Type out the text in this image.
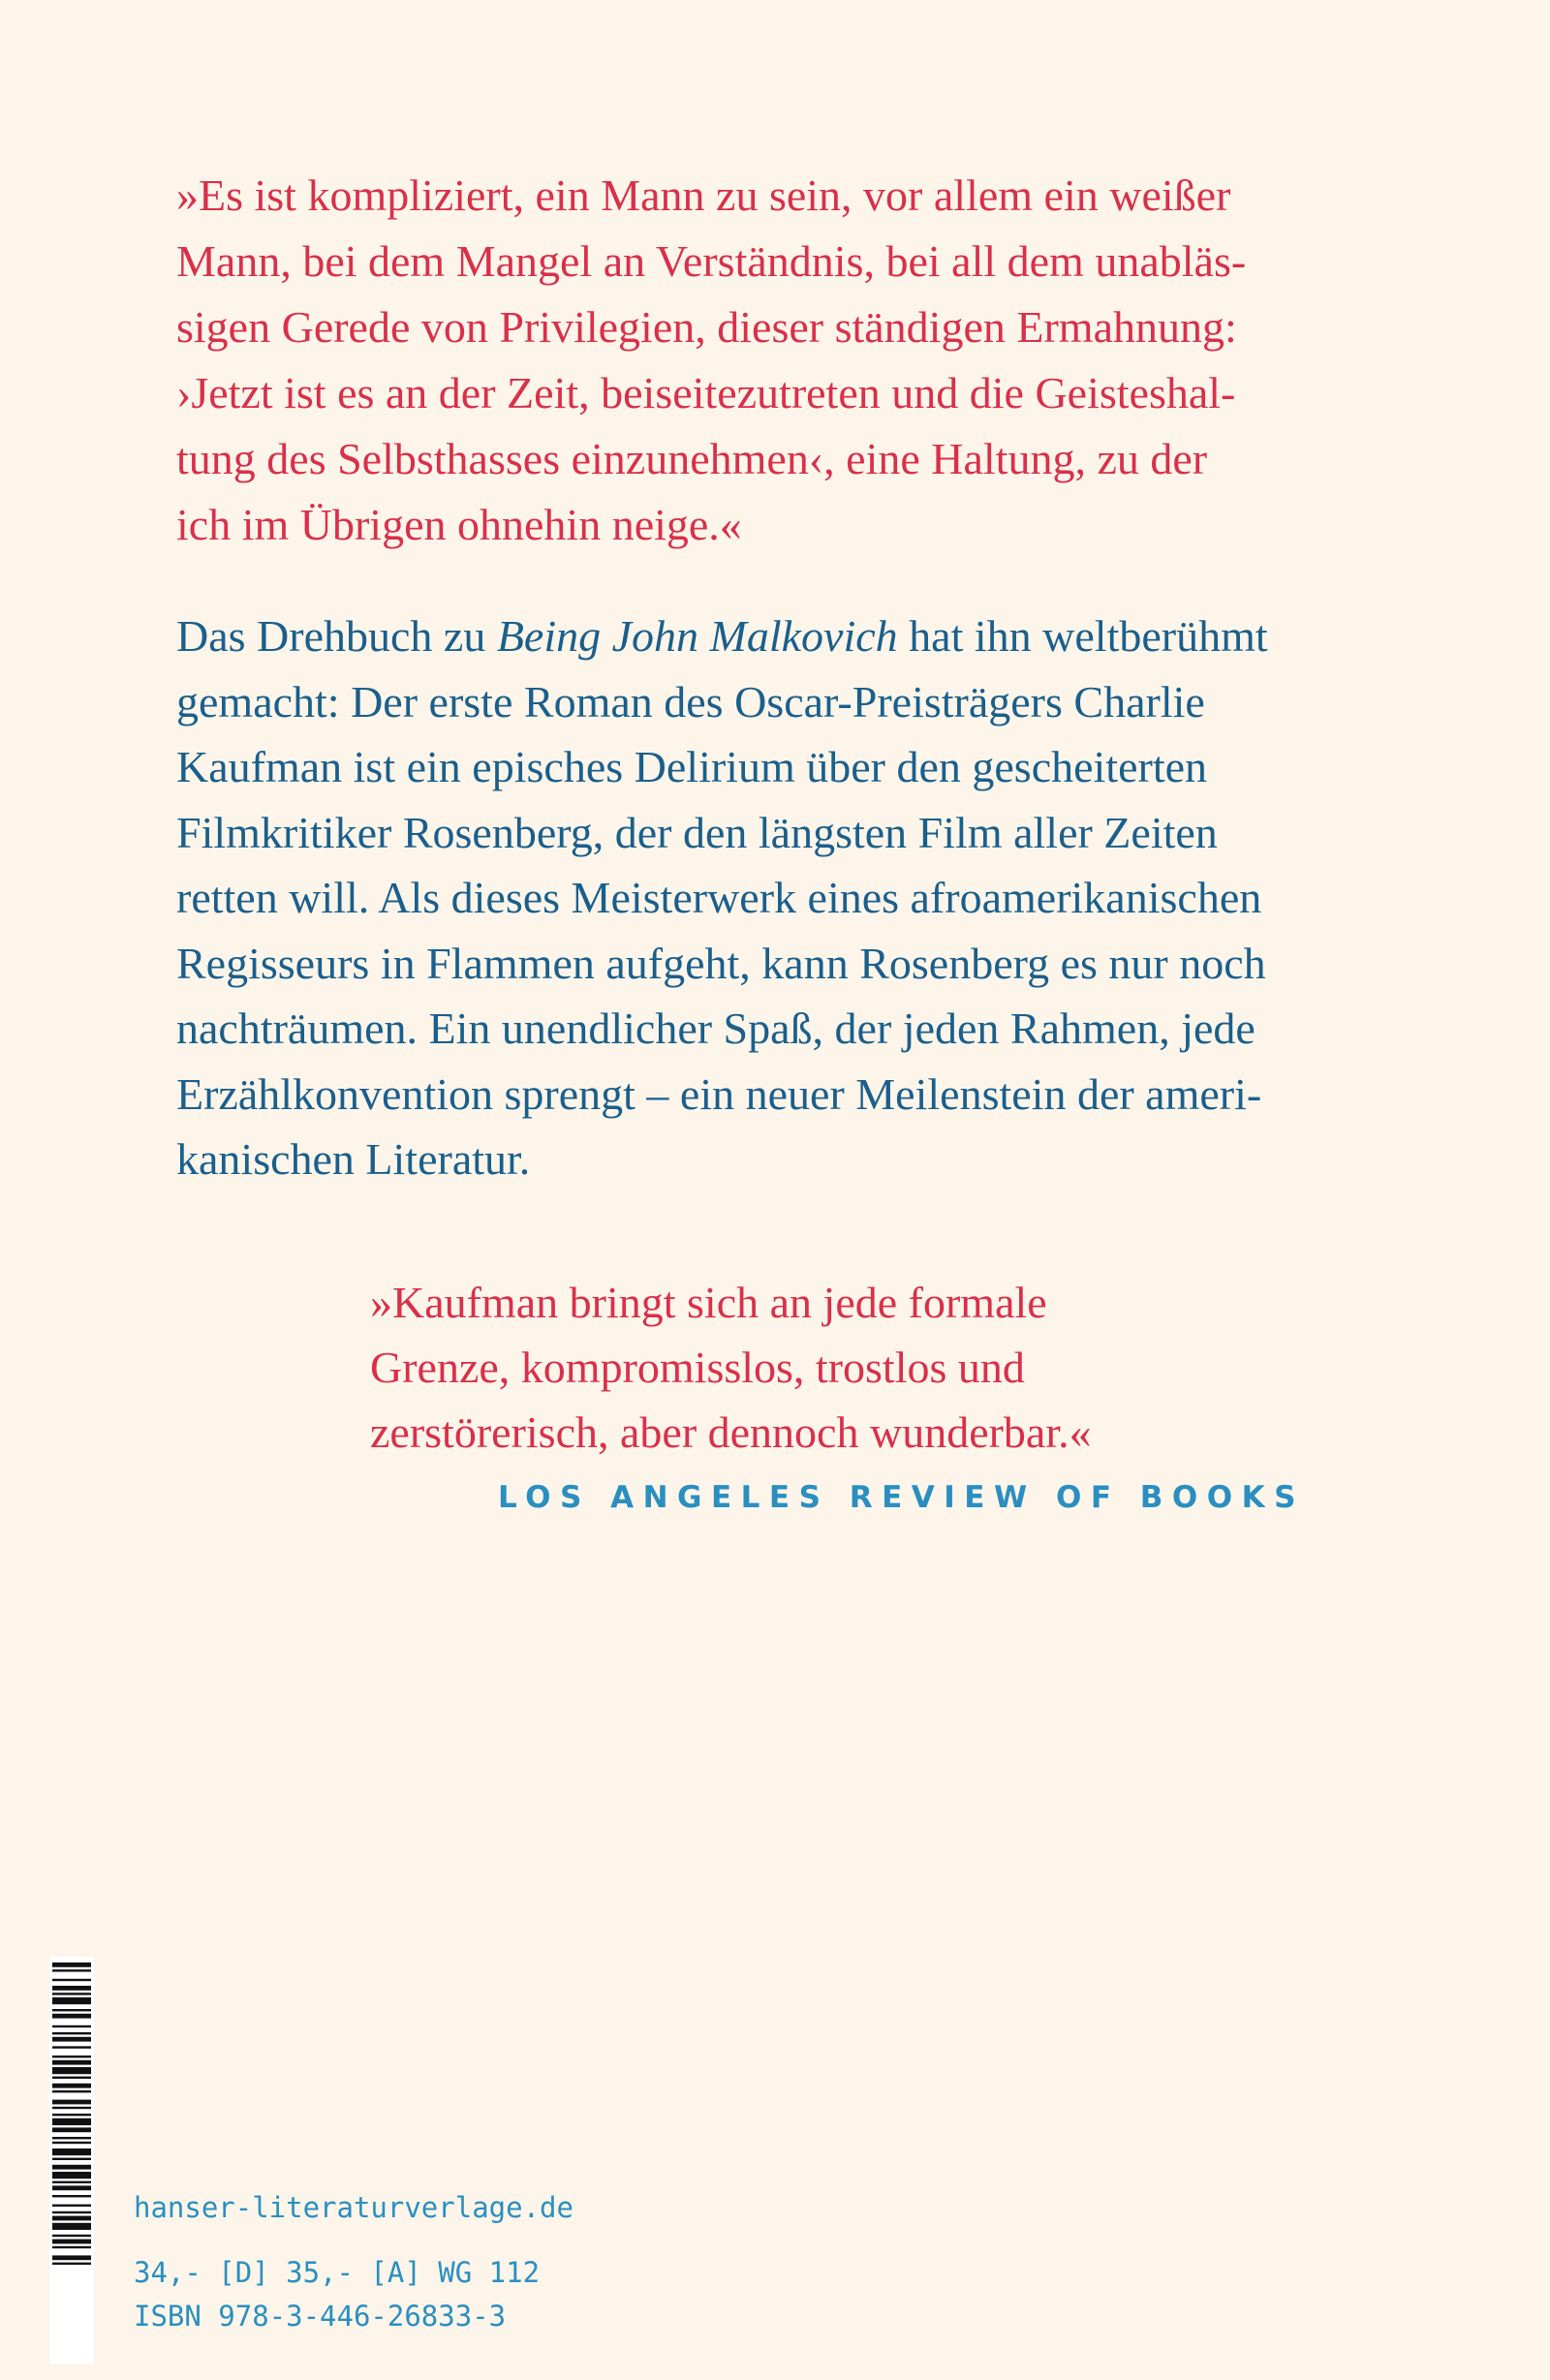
»Es ist kompliziert, ein Mann zu sein, vor allem ein weißer
Mann, bei dem Mangel an Verständnis, bei all dem unabläs-
sigen Gerede von Privilegien, dieser ständigen Ermahnung:
›Jetzt ist es an der Zeit, beiseitezutreten und die Geisteshal-
tung des Selbsthasses einzunehmen‹, eine Haltung, zu der
ich im Übrigen ohnehin neige.«
Das Drehbuch zu Being John Malkovich hat ihn weltberühmt
gemacht: Der erste Roman des Oscar-Preisträgers Charlie
Kaufman ist ein episches Delirium über den gescheiterten
Filmkritiker Rosenberg, der den längsten Film aller Zeiten
retten will. Als dieses Meisterwerk eines afroamerikanischen
Regisseurs in Flammen aufgeht, kann Rosenberg es nur noch
nachträumen. Ein unendlicher Spaß, der jeden Rahmen, jede
Erzählkonvention sprengt – ein neuer Meilenstein der ameri-
kanischen Literatur.
»Kaufman bringt sich an jede formale
Grenze, kompromisslos, trostlos und
zerstörerisch, aber dennoch wunderbar.«
LOS ANGELES REVIEW OF BOOKS
hanser-literaturverlage.de
34,- [D] 35,- [A] WG 112
ISBN 978-3-446-26833-3
